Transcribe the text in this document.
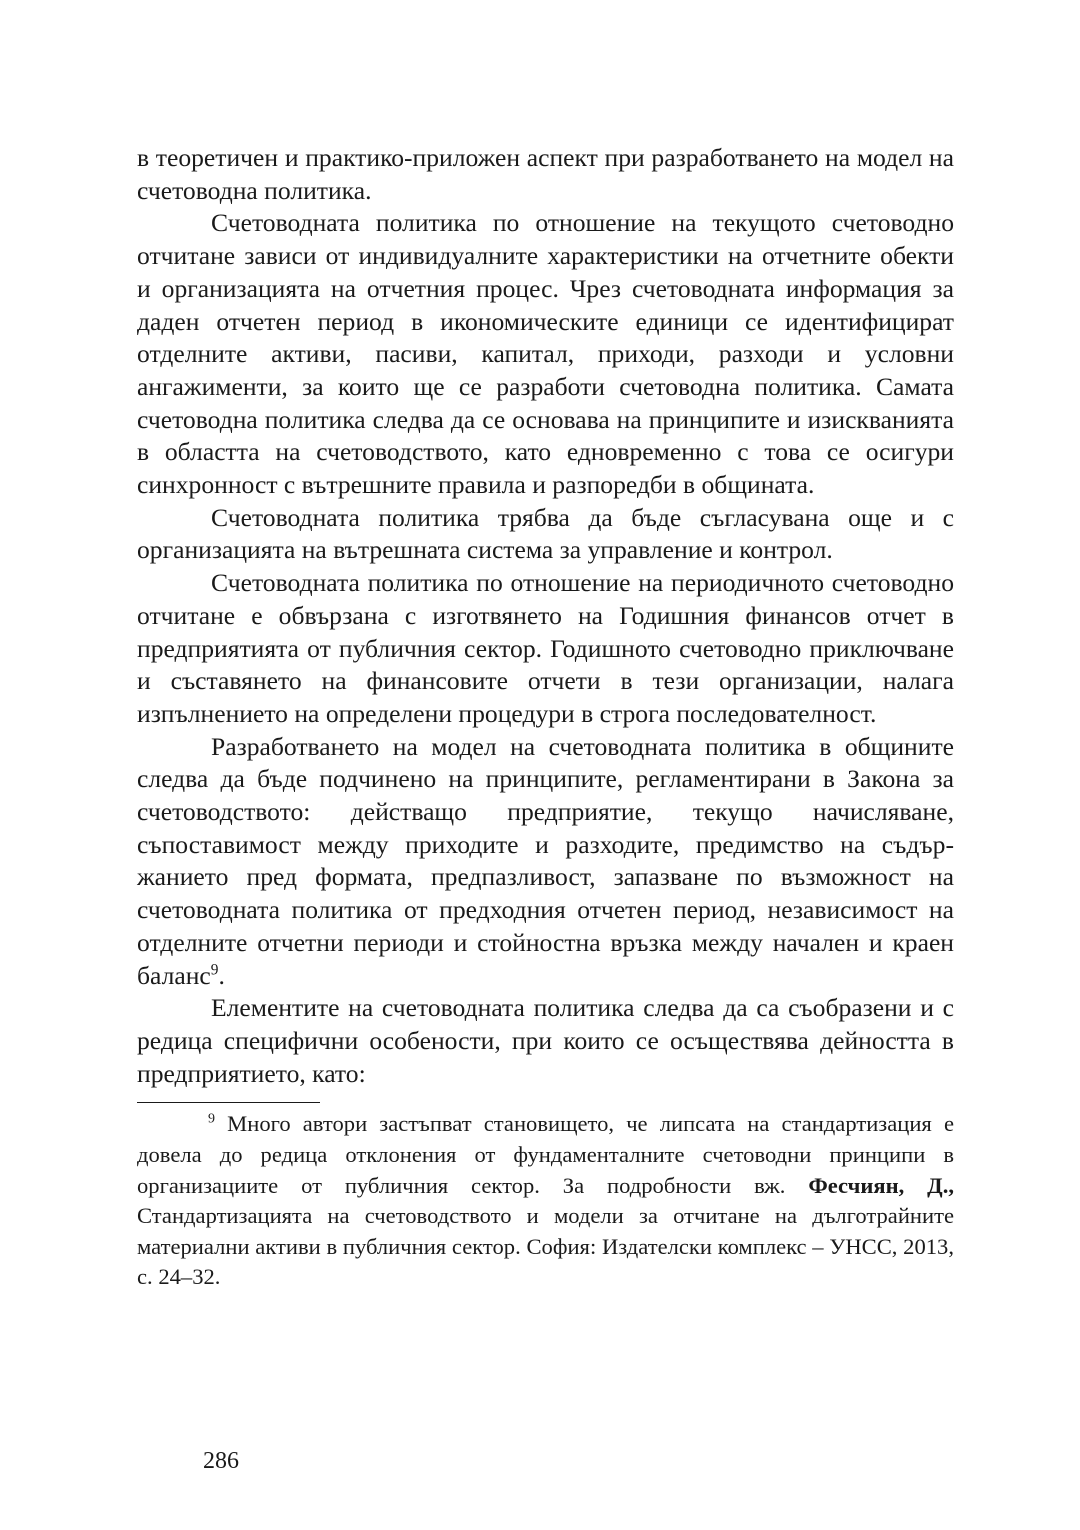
в теоретичен и практико-приложен аспект при разработването на модел на счетоводна политика.

Счетоводната политика по отношение на текущото счетоводно отчитане зависи от индивидуалните характеристики на отчетните обекти и организацията на отчетния процес. Чрез счетоводната информация за даден отчетен период в икономическите единици се идентифицират отделните активи, пасиви, капитал, приходи, разходи и условни ангажименти, за които ще се разработи счетоводна политика. Самата счетоводна политика следва да се основава на принципите и изискванията в областта на счетоводството, като едновременно с това се осигури синхронност с вътрешните правила и разпоредби в общината.

Счетоводната политика трябва да бъде съгласувана още и с организацията на вътрешната система за управление и контрол.

Счетоводната политика по отношение на периодичното счетоводно отчитане е обвързана с изготвянето на Годишния финансов отчет в предприятията от публичния сектор. Годишното счетоводно приключване и съставянето на финансовите отчети в тези организации, налага изпълнението на определени процедури в строга последователност.

Разработването на модел на счетоводната политика в общините следва да бъде подчинено на принципите, регламентирани в Закона за счетоводството: действащо предприятие, текущо начисляване, съпоставимост между приходите и разходите, предимство на съдържанието пред формата, предпазливост, запазване по възможност на счетоводната политика от предходния отчетен период, независимост на отделните отчетни периоди и стойностна връзка между начален и краен баланс$^9$.

Елементите на счетоводната политика следва да са съобразени и с редица специфични особености, при които се осъществява дейността в предприятието, като:

$^9$ Много автори застъпват становището, че липсата на стандартизация е довела до редица отклонения от фундаменталните счетоводни принципи в организациите от публичния сектор. За подробности вж. Фесчиян, Д., Стандартизацията на счетоводството и модели за отчитане на дълготрайните материални активи в публичния сектор. София: Издателски комплекс – УНСС, 2013, с. 24–32.

286
